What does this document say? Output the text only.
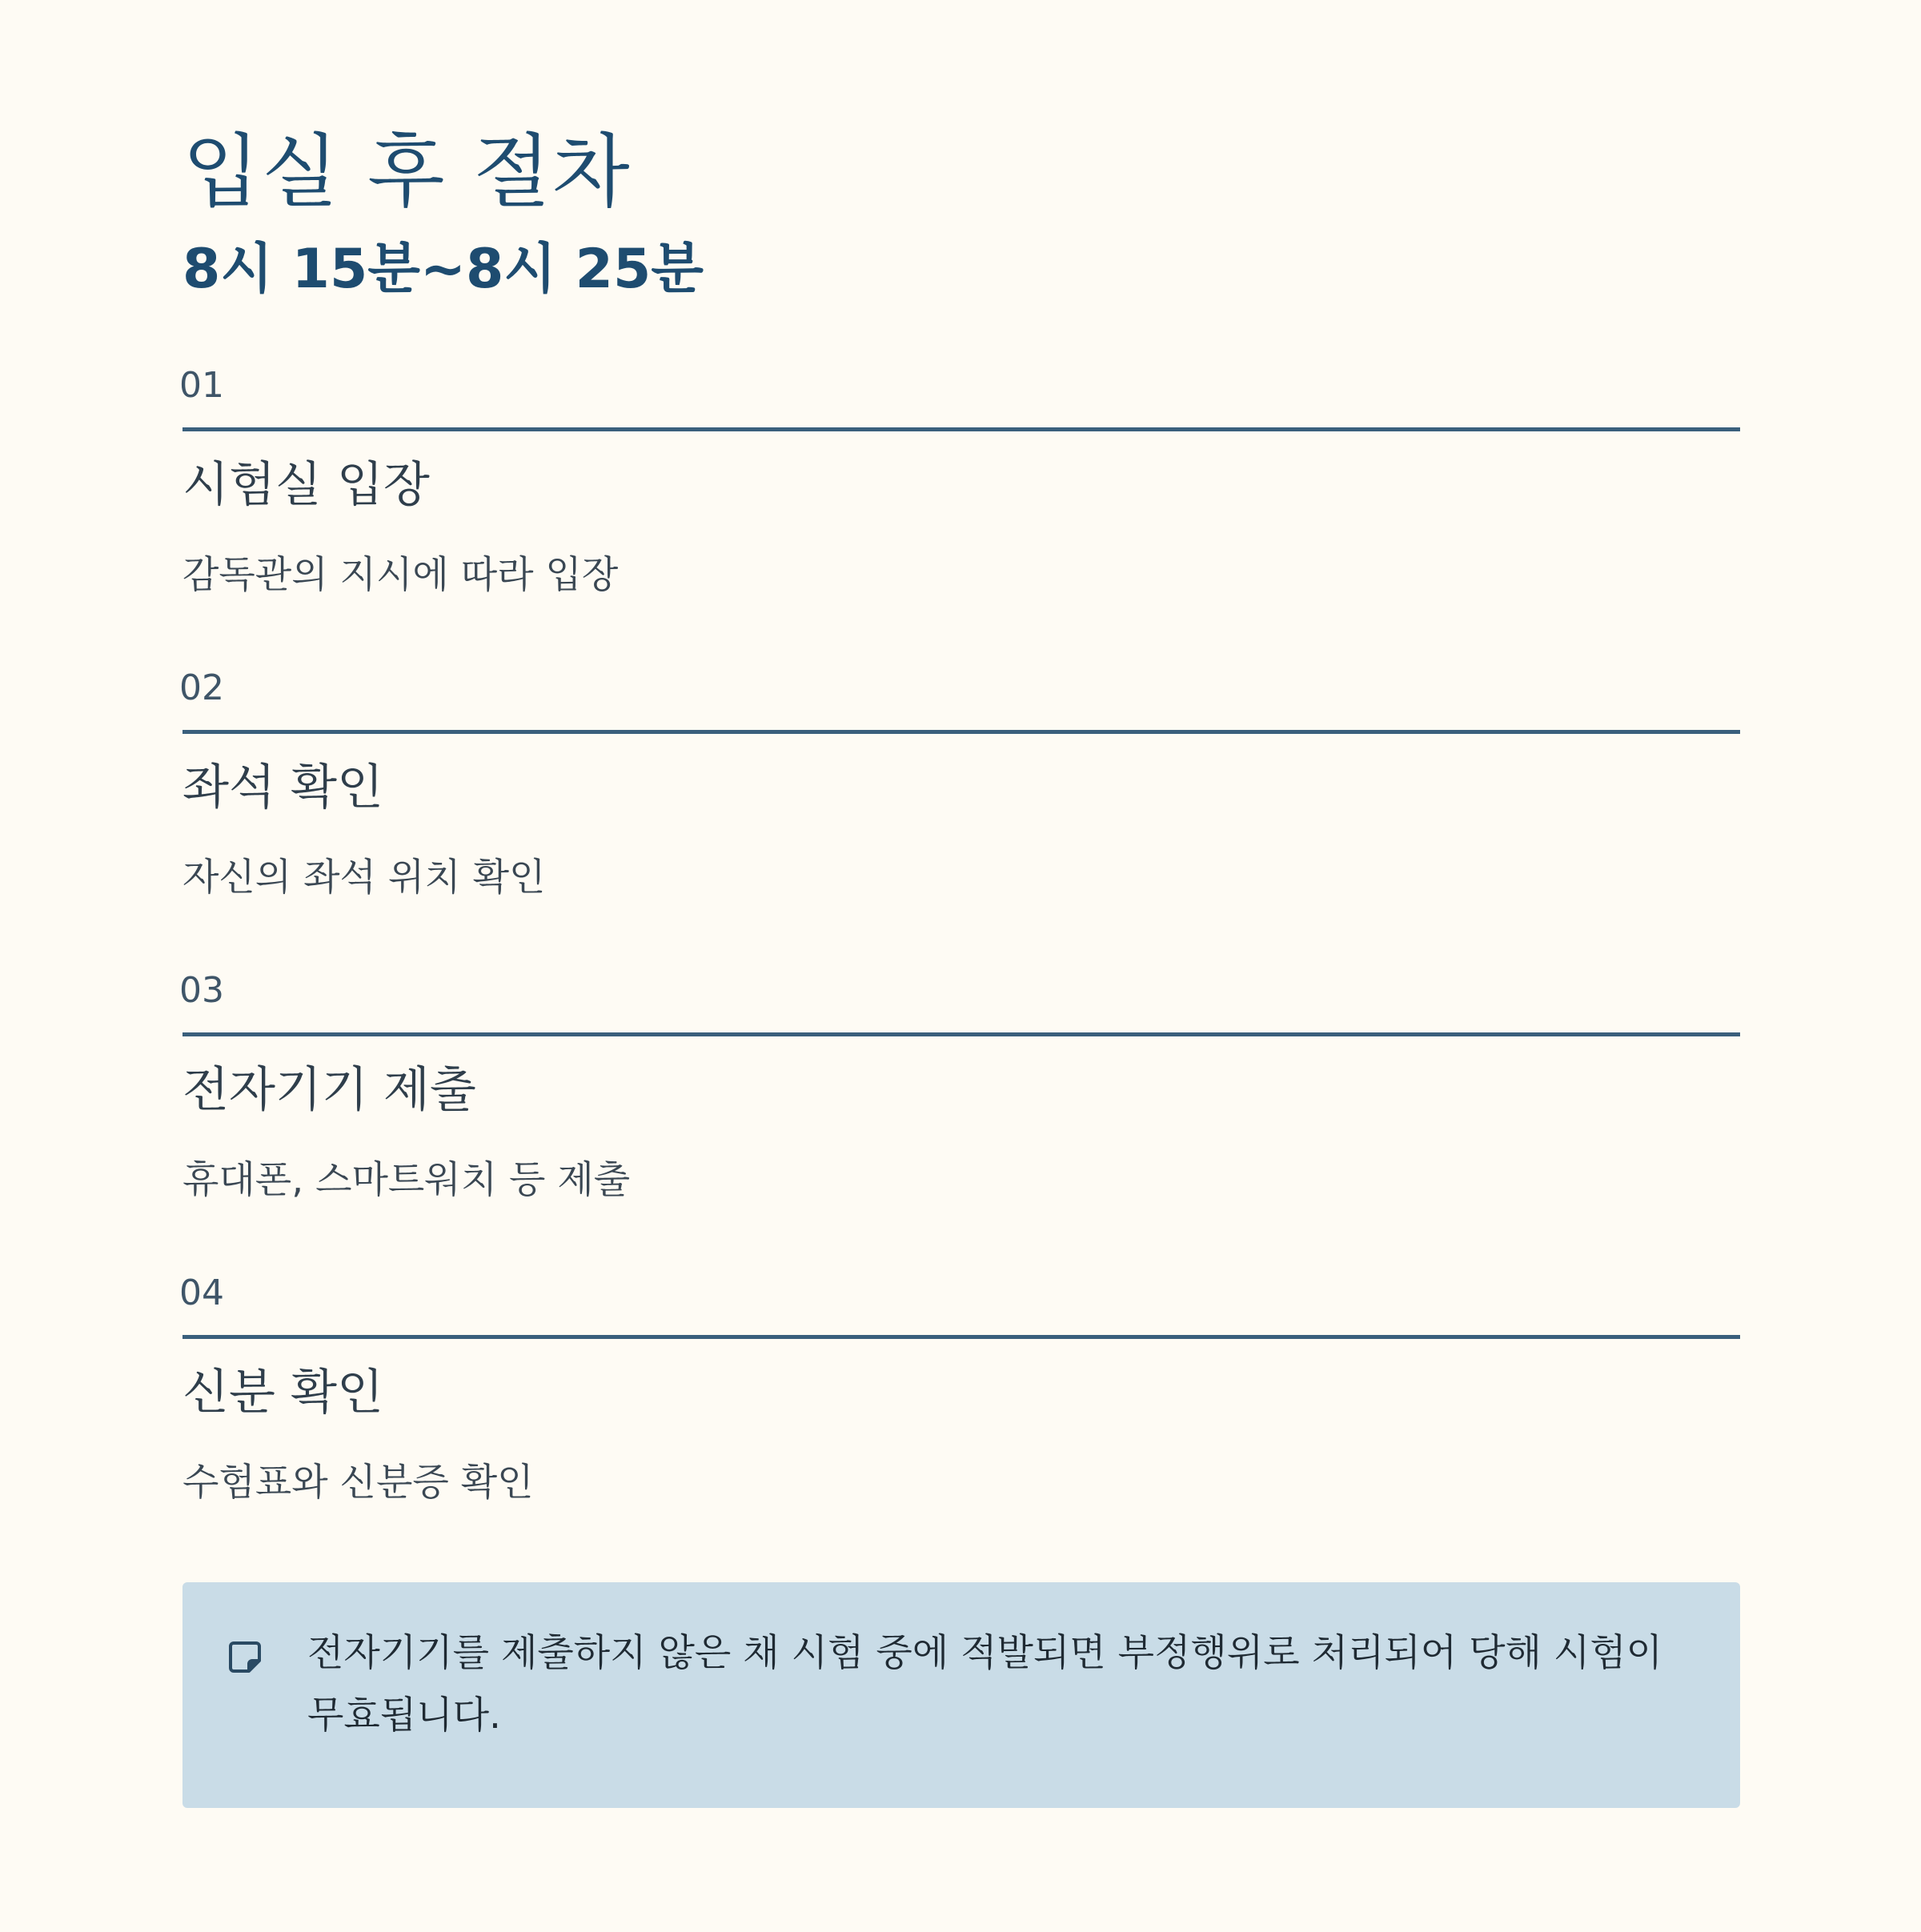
입실 후 절차
8시 15분~8시 25분
01
시험실 입장
감독관의 지시에 따라 입장
02
좌석 확인
자신의 좌석 위치 확인
03
전자기기 제출
휴대폰, 스마트워치 등 제출
04
신분 확인
수험표와 신분증 확인
전자기기를 제출하지 않은 채 시험 중에 적발되면 부정행위로 처리되어 당해 시험이 무효됩니다.
